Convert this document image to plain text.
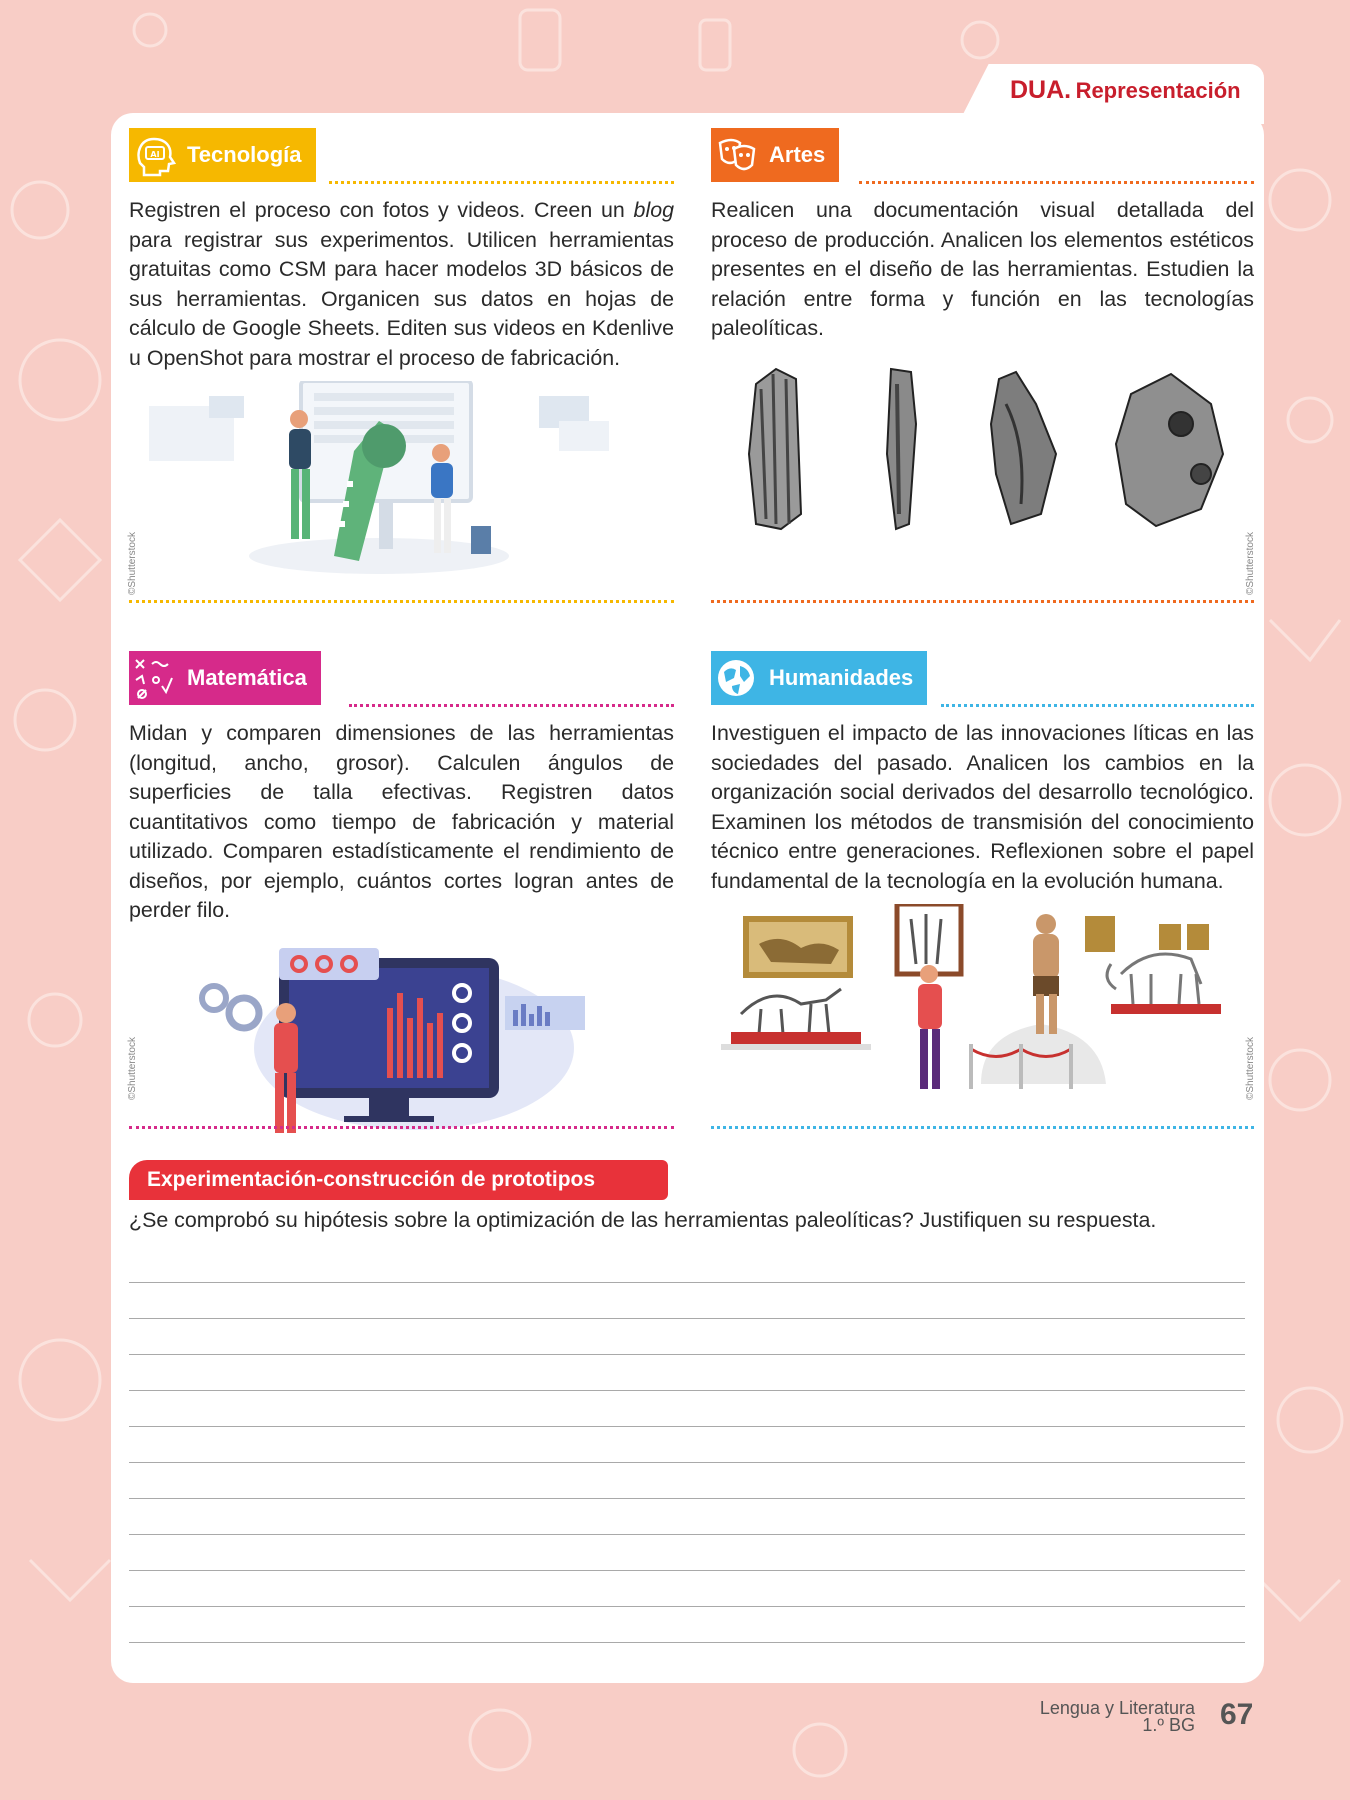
DUA. Representación
AI	Tecnología
Registren el proceso con fotos y videos. Creen un blog para registrar sus experimentos. Utilicen herramientas gratuitas como CSM para hacer modelos 3D básicos de sus herramientas. Organicen sus datos en hojas de cálculo de Google Sheets. Editen sus videos en Kdenlive u OpenShot para mostrar el proceso de fabricación.
©Shutterstock
Artes
Realicen una documentación visual detallada del proceso de producción. Analicen los elementos estéticos presentes en el diseño de las herramientas. Estudien la relación entre forma y función en las tecnologías paleolíticas.
©Shutterstock
Matemática
Midan y comparen dimensiones de las herramientas (longitud, ancho, grosor). Calculen ángulos de superficies de talla efectivas. Registren datos cuantitativos como tiempo de fabricación y material utilizado. Comparen estadísticamente el rendimiento de diseños, por ejemplo, cuántos cortes logran antes de perder filo.
©Shutterstock
Humanidades
Investiguen el impacto de las innovaciones líticas en las sociedades del pasado. Analicen los cambios en la organización social derivados del desarrollo tecnológico. Examinen los métodos de transmisión del conocimiento técnico entre generaciones. Reflexionen sobre el papel fundamental de la tecnología en la evolución humana.
©Shutterstock
Experimentación-construcción de prototipos
¿Se comprobó su hipótesis sobre la optimización de las herramientas paleolíticas? Justifiquen su respuesta.
Lengua y Literatura
1.º BG 67
